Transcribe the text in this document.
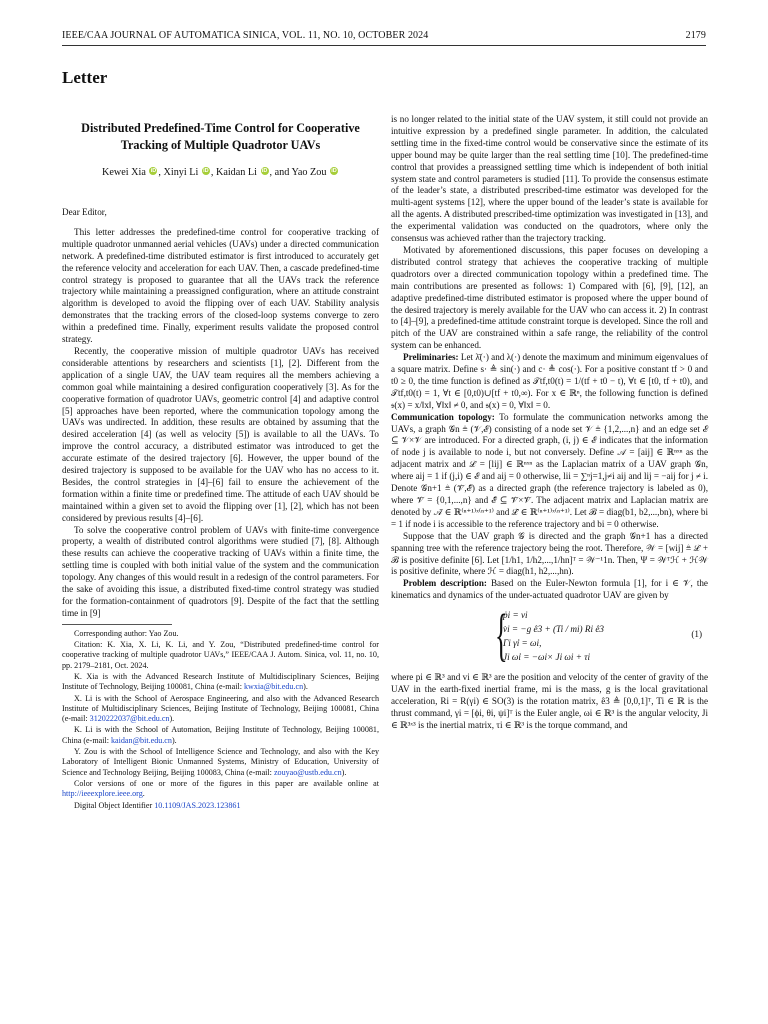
IEEE/CAA JOURNAL OF AUTOMATICA SINICA, VOL. 11, NO. 10, OCTOBER 2024	2179
Letter
Distributed Predefined-Time Control for Cooperative
Tracking of Multiple Quadrotor UAVs
Kewei Xia iD , Xinyi Li iD , Kaidan Li iD , and Yao Zou iD

Dear Editor,

This letter addresses the predefined-time control for cooperative tracking of multiple quadrotor unmanned aerial vehicles (UAVs) under a directed communication network. A predefined-time distributed estimator is first introduced to accurately get the reference velocity and acceleration for each UAV. Then, a cascade predefined-time control strategy is proposed to guarantee that all the UAVs track the reference trajectory while maintaining a preassigned configuration, where an attitude constraint algorithm is developed to avoid the flipping over of each UAV. Stability analysis demonstrates that the tracking errors of the closed-loop systems converge to zero within a predefined time. Finally, experiment results validate the proposed control strategy.

Recently, the cooperative mission of multiple quadrotor UAVs has received considerable attentions by researchers and scientists [1], [2]. Different from the application of a single UAV, the UAV team requires all the members achieving a common goal while maintaining a desired configuration cooperatively [3]. As for the cooperative formation of quadrotor UAVs, geometric control [4] and adaptive control [5] approaches have been reported, where the communication topology among the UAVs was undirected. In addition, these results are obtained by assuming that the desired acceleration [4] (as well as velocity [5]) is available to all the UAVs. To improve the control accuracy, a distributed estimator was introduced to get the accurate estimate of the desired trajectory [6]. However, the upper bound of the desired trajectory is supposed to be available for the UAV who has no access to it. Besides, the control strategies in [4]–[6] fail to ensure the achievement of the formation within a finite time or predefined time. The attitude of each UAV should be maintained within a given set to avoid the flipping over [1], [2], which has not been considered by previous results [4]–[6].

To solve the cooperative control problem of UAVs with finite-time convergence property, a wealth of distributed control algorithms were studied [7], [8]. Although these results can achieve the cooperative tracking of UAVs within a finite time, the settling time is coupled with both initial value of the system and the communication topology. Any changes of this would result in a redesign of the control parameters. For the sake of avoiding this issue, a distributed fixed-time control strategy was studied for the formation-containment of quadrotors [9]. Despite of the fact that the settling time in [9]

Corresponding author: Yao Zou.

Citation: K. Xia, X. Li, K. Li, and Y. Zou, “Distributed predefined-time control for cooperative tracking of multiple quadrotor UAVs,” IEEE/CAA J. Autom. Sinica, vol. 11, no. 10, pp. 2179–2181, Oct. 2024.

K. Xia is with the Advanced Research Institute of Multidisciplinary Sciences, Beijing Institute of Technology, Beijing 100081, China (e-mail: kwxia@bit.edu.cn).

X. Li is with the School of Aerospace Engineering, and also with the Advanced Research Institute of Multidisciplinary Sciences, Beijing Institute of Technology, Beijing 100081, China (e-mail: 3120222037@bit.edu.cn).

K. Li is with the School of Automation, Beijing Institute of Technology, Beijing 100081, China (e-mail: kaidan@bit.edu.cn).

Y. Zou is with the School of Intelligence Science and Technology, and also with the Key Laboratory of Intelligent Bionic Unmanned Systems, Ministry of Education, University of Science and Technology Beijing, Beijing 100083, China (e-mail: zouyao@ustb.edu.cn).

Color versions of one or more of the figures in this paper are available online at http://ieeexplore.ieee.org.

Digital Object Identifier 10.1109/JAS.2023.123861

is no longer related to the initial state of the UAV system, it still could not provide an intuitive expression by a predefined single parameter. In addition, the calculated settling time in the fixed-time control would be conservative since the estimate of its upper bound may be quite larger than the real settling time [10]. The predefined-time control that provides a preassigned settling time which is independent of both initial system state and control parameters is studied [11]. To provide the consensus estimate of the leader’s state, a distributed prescribed-time estimator was developed for the multi-agent systems [12], where the upper bound of the leader’s state is available for all the agents. A distributed prescribed-time optimization was investigated in [13], and the experimental validation was conducted on the quadrotors, where only the consensus was achieved rather than the trajectory tracking.

Motivated by aforementioned discussions, this paper focuses on developing a distributed control strategy that achieves the cooperative tracking of multiple quadrotors over a directed communication topology within a predefined time. The main contributions are presented as follows: 1) Compared with [6], [9], [12], an adaptive predefined-time distributed estimator is proposed where the upper bound of the desired trajectory is merely available for the UAV who can access it. 2) In contrast to [4]–[9], a predefined-time attitude constraint torque is developed. Since the roll and pitch of the UAV are constrained within a safe range, the reliability of the control system can be enhanced.

Preliminaries: Let λ̄(·) and λ(·) denote the maximum and minimum eigenvalues of a square matrix. Define s· ≜ sin(·) and c· ≜ cos(·). For a positive constant tf > 0 and t0 ≥ 0, the time function is defined as 𝒯tf,t0(t) = 1/(tf + t0 − t), ∀t ∈ [t0, tf + t0), and 𝒯tf,t0(t) = 1, ∀t ∈ [0,t0)∪[tf + t0,∞). For x ∈ ℝⁿ, the following function is defined 𝔰(x) = x/‖x‖, ∀‖x‖ ≠ 0, and 𝔰(x) = 0, ∀‖x‖ = 0.

Communication topology: To formulate the communication networks among the UAVs, a graph 𝒢n ≜ (𝒱,ℰ) consisting of a node set 𝒱 ≜ {1,2,...,n} and an edge set ℰ ⊆ 𝒱×𝒱 are introduced. For a directed graph, (i, j) ∈ ℰ indicates that the information of node j is available to node i, but not conversely. Define 𝒜 = [aij] ∈ ℝⁿˣⁿ as the adjacent matrix and ℒ = [lij] ∈ ℝⁿˣⁿ as the Laplacian matrix of a UAV graph 𝒢n, where aij = 1 if (j,i) ∈ ℰ and aij = 0 otherwise, lii = ∑ⁿj=1,j≠i aij and lij = −aij for j ≠ i. Denote 𝒢n+1 ≜ (𝒱̄,ℰ̄) as a directed graph (the reference trajectory is labeled as 0), where 𝒱̄ = {0,1,...,n} and ℰ̄ ⊆ 𝒱̄×𝒱̄. The adjacent matrix and Laplacian matrix are denoted by 𝒜̄ ∈ ℝ⁽ⁿ⁺¹⁾ˣ⁽ⁿ⁺¹⁾ and ℒ̄ ∈ ℝ⁽ⁿ⁺¹⁾ˣ⁽ⁿ⁺¹⁾. Let ℬ = diag(b1, b2,...,bn), where bi = 1 if node i is accessible to the reference trajectory and bi = 0 otherwise.

Suppose that the UAV graph 𝒢 is directed and the graph 𝒢n+1 has a directed spanning tree with the reference trajectory being the root. Therefore, 𝒲 = [wij] ≜ ℒ + ℬ is positive definite [6]. Let [1/h1, 1/h2,...,1/hn]ᵀ = 𝒲⁻¹1n. Then, Ψ = 𝒲ᵀℋ + ℋ𝒲 is positive definite, where ℋ = diag(h1, h2,...,hn).

Problem description: Based on the Euler-Newton formula [1], for i ∈ 𝒱, the kinematics and dynamics of the under-actuated quadrotor UAV are given by

{
ṗi = vi
v̇i = −g ê3 + (Ti / mi) Ri ê3
Γi γ̇i = ωi,
Ji ω̇i = −ωi× Ji ωi + τi
(1)

where pi ∈ ℝ³ and vi ∈ ℝ³ are the position and velocity of the center of gravity of the UAV in the earth-fixed inertial frame, mi is the mass, g is the local gravitational acceleration, Ri = R(γi) ∈ SO(3) is the rotation matrix, ê3 ≜ [0,0,1]ᵀ, Ti ∈ ℝ is the thrust command, γi = [ϕi, θi, ψi]ᵀ is the Euler angle, ωi ∈ ℝ³ is the angular velocity, Ji ∈ ℝ³ˣ³ is the inertial matrix, τi ∈ ℝ³ is the torque command, and
